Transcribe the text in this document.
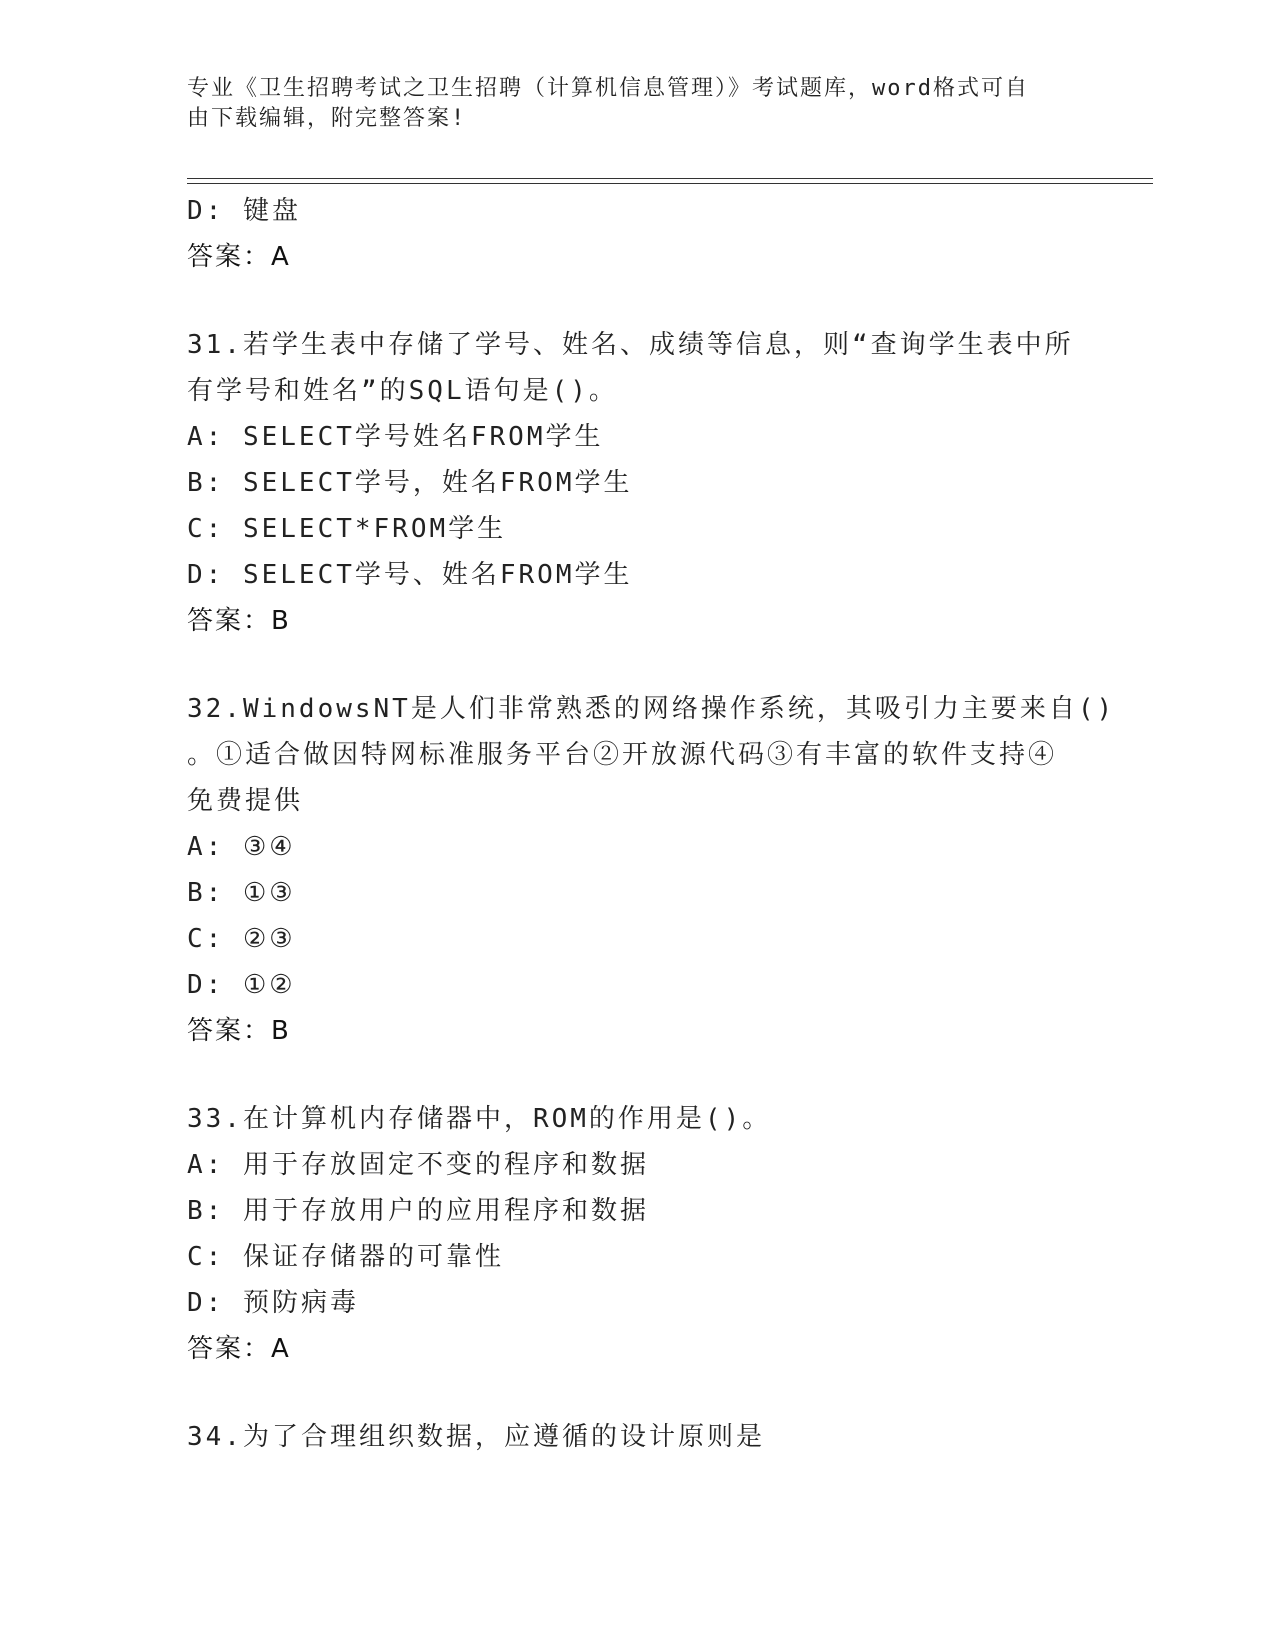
专业《卫生招聘考试之卫生招聘（计算机信息管理）》考试题库，word格式可自
由下载编辑，附完整答案!
D: 键盘
答案：A
31.若学生表中存储了学号、姓名、成绩等信息，则“查询学生表中所
有学号和姓名”的SQL语句是()。
A: SELECT学号姓名FROM学生
B: SELECT学号，姓名FROM学生
C: SELECT*FROM学生
D: SELECT学号、姓名FROM学生
答案：B
32.WindowsNT是人们非常熟悉的网络操作系统，其吸引力主要来自()
。①适合做因特网标准服务平台②开放源代码③有丰富的软件支持④
免费提供
A: ③④
B: ①③
C: ②③
D: ①②
答案：B
33.在计算机内存储器中，ROM的作用是()。
A: 用于存放固定不变的程序和数据
B: 用于存放用户的应用程序和数据
C: 保证存储器的可靠性
D: 预防病毒
答案：A
34.为了合理组织数据，应遵循的设计原则是
